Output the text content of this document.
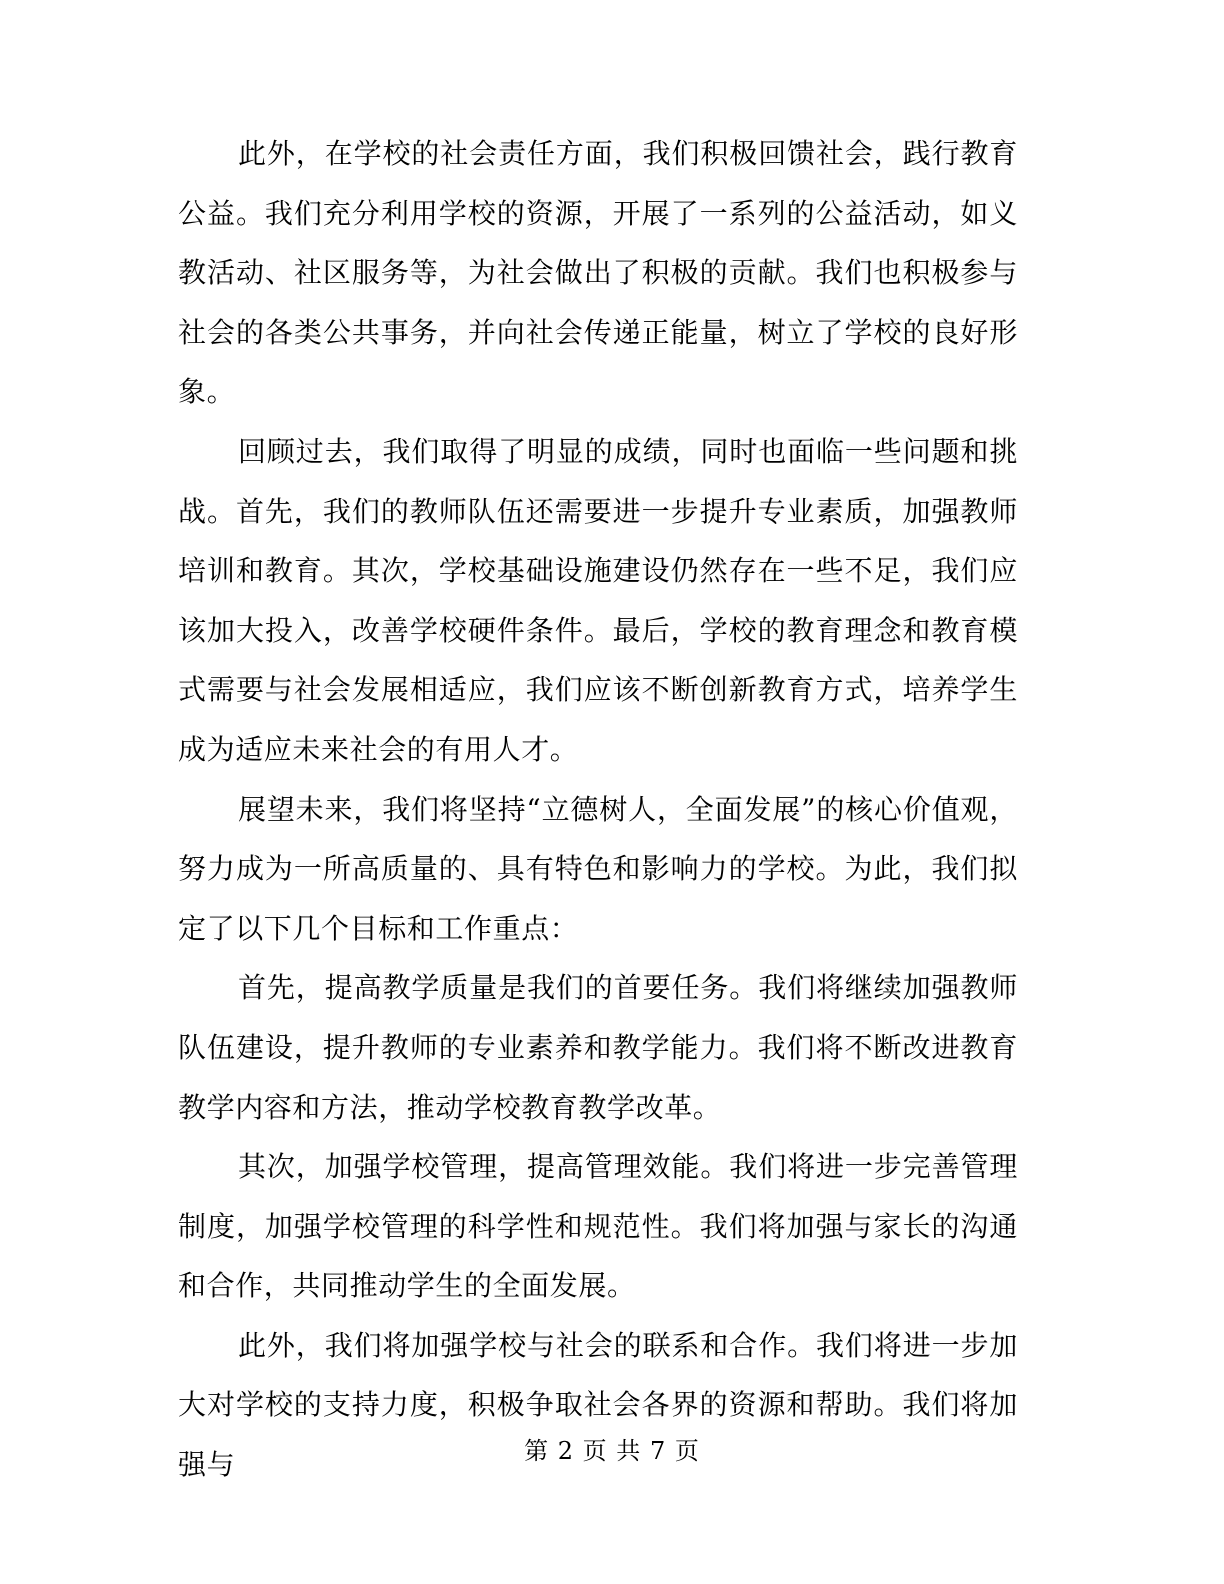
此外，在学校的社会责任方面，我们积极回馈社会，践行教育公益。我们充分利用学校的资源，开展了一系列的公益活动，如义教活动、社区服务等，为社会做出了积极的贡献。我们也积极参与社会的各类公共事务，并向社会传递正能量，树立了学校的良好形象。

回顾过去，我们取得了明显的成绩，同时也面临一些问题和挑战。首先，我们的教师队伍还需要进一步提升专业素质，加强教师培训和教育。其次，学校基础设施建设仍然存在一些不足，我们应该加大投入，改善学校硬件条件。最后，学校的教育理念和教育模式需要与社会发展相适应，我们应该不断创新教育方式，培养学生成为适应未来社会的有用人才。

展望未来，我们将坚持“立德树人，全面发展”的核心价值观，努力成为一所高质量的、具有特色和影响力的学校。为此，我们拟定了以下几个目标和工作重点：

首先，提高教学质量是我们的首要任务。我们将继续加强教师队伍建设，提升教师的专业素养和教学能力。我们将不断改进教育教学内容和方法，推动学校教育教学改革。

其次，加强学校管理，提高管理效能。我们将进一步完善管理制度，加强学校管理的科学性和规范性。我们将加强与家长的沟通和合作，共同推动学生的全面发展。

此外，我们将加强学校与社会的联系和合作。我们将进一步加大对学校的支持力度，积极争取社会各界的资源和帮助。我们将加强与	第 2 页 共 7 页
